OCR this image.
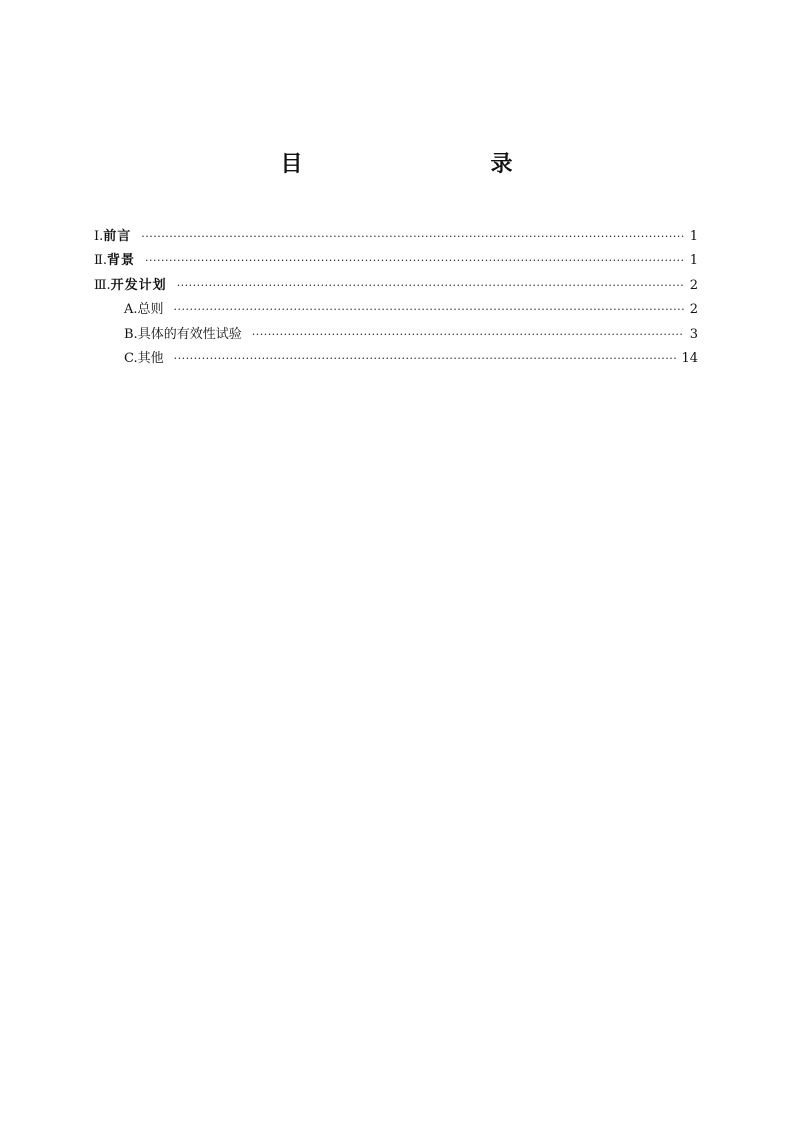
目　　录
Ⅰ. 前言 ·····	1
Ⅱ. 背景 ·····	1
Ⅲ. 开发计划 ·····	2
A. 总则 ·····	2
B. 具体的有效性试验 ·····	3
C. 其他 ·····	14
